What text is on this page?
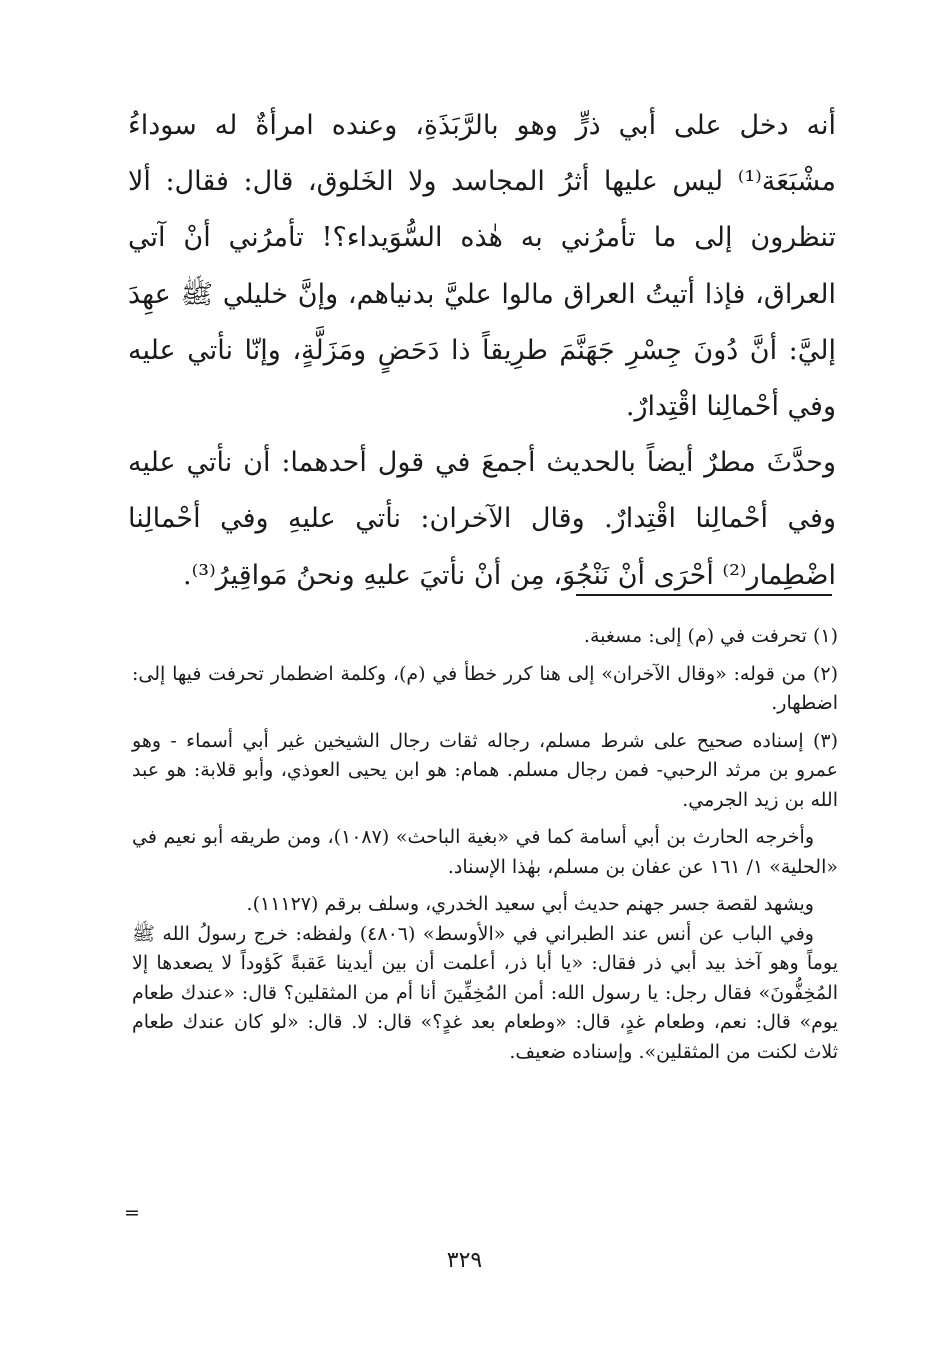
أنه دخل على أبي ذرٍّ وهو بالرَّبَذَةِ، وعنده امرأةٌ له سوداءُ مشْبَعَة⁽¹⁾ ليس عليها أثرُ المجاسد ولا الخَلوق، قال: فقال: ألا تنظرون إلى ما تأمرُني به هٰذه السُّوَيداء؟! تأمرُني أنْ آتي العراق، فإذا أتيتُ العراق مالوا عليَّ بدنياهم، وإنَّ خليلي ﷺ عهِدَ إليَّ: أنَّ دُونَ جِسْرِ جَهَنَّمَ طرِيقاً ذا دَحَضٍ ومَزَلَّةٍ، وإنّا نأتي عليه وفي أحْمالِنا اقْتِدارٌ.

وحدَّثَ مطرٌ أيضاً بالحديث أجمعَ في قول أحدهما: أن نأتي عليه وفي أحْمالِنا اقْتِدارٌ. وقال الآخران: نأتي عليهِ وفي أحْمالِنا اضْطِمار⁽²⁾ أحْرَى أنْ نَنْجُوَ، مِن أنْ نأتيَ عليهِ ونحنُ مَواقِيرُ⁽³⁾.

(١) تحرفت في (م) إلى: مسغبة.

(٢) من قوله: «وقال الآخران» إلى هنا كرر خطأ في (م)، وكلمة اضطمار تحرفت فيها إلى: اضطهار.

(٣) إسناده صحيح على شرط مسلم، رجاله ثقات رجال الشيخين غير أبي أسماء - وهو عمرو بن مرثد الرحبي- فمن رجال مسلم. همام: هو ابن يحيى العوذي، وأبو قلابة: هو عبد الله بن زيد الجرمي.

وأخرجه الحارث بن أبي أسامة كما في «بغية الباحث» (١٠٨٧)، ومن طريقه أبو نعيم في «الحلية» ١/ ١٦١ عن عفان بن مسلم، بهٰذا الإسناد.

ويشهد لقصة جسر جهنم حديث أبي سعيد الخدري، وسلف برقم (١١١٢٧).

وفي الباب عن أنس عند الطبراني في «الأوسط» (٤٨٠٦) ولفظه: خرج رسولُ الله ﷺ يوماً وهو آخذ بيد أبي ذر فقال: «يا أبا ذر، أعلمت أن بين أيدينا عَقبةً كَؤوداً لا يصعدها إلا المُخِفُّونَ» فقال رجل: يا رسول الله: أمن المُخِفِّينَ أنا أم من المثقلين؟ قال: «عندك طعام يوم» قال: نعم، وطعام غدٍ، قال: «وطعام بعد غدٍ؟» قال: لا. قال: «لو كان عندك طعام ثلاث لكنت من المثقلين». وإسناده ضعيف.

=
٣٢٩
